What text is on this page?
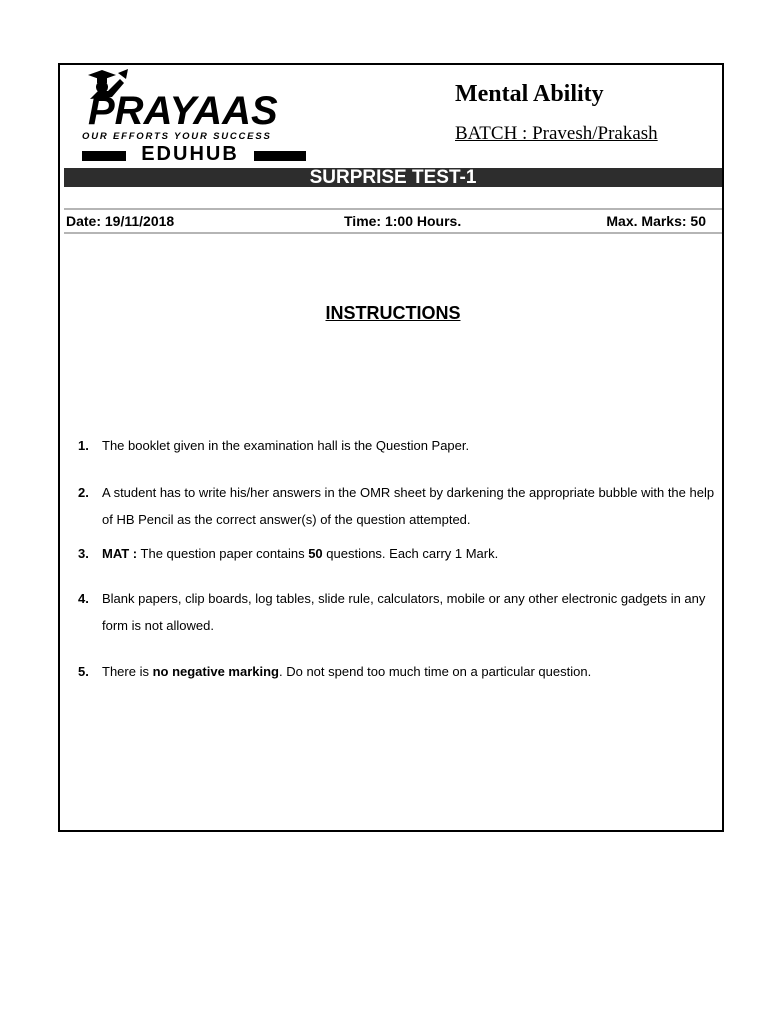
PRAYAAS
OUR EFFORTS YOUR SUCCESS
EDUHUB
Mental Ability
BATCH : Pravesh/Prakash
SURPRISE TEST-1
Date: 19/11/2018	Time: 1:00 Hours.	Max. Marks: 50
INSTRUCTIONS
1. The booklet given in the examination hall is the Question Paper.
2. A student has to write his/her answers in the OMR sheet by darkening the appropriate bubble with the help of HB Pencil as the correct answer(s) of the question attempted.
3. MAT : The question paper contains 50 questions. Each carry 1 Mark.
4. Blank papers, clip boards, log tables, slide rule, calculators, mobile or any other electronic gadgets in any form is not allowed.
5. There is no negative marking. Do not spend too much time on a particular question.
